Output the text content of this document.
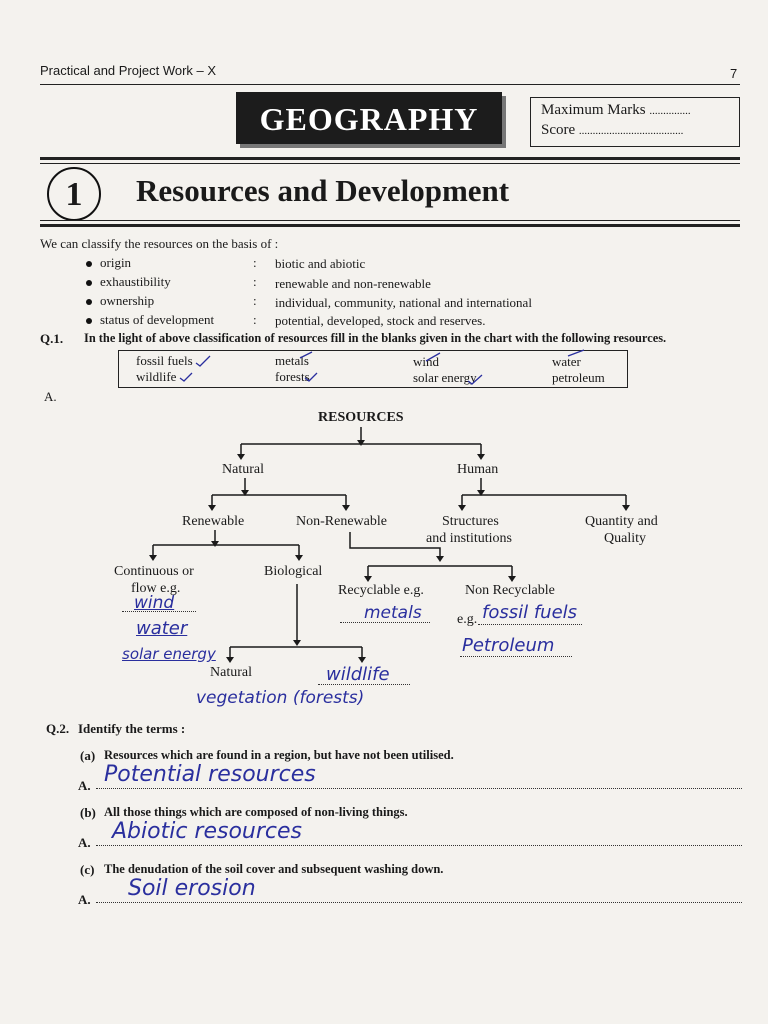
Practical and Project Work – X	7
GEOGRAPHY	Maximum Marks ...............
Score ......................................
1	Resources and Development
We can classify the resources on the basis of :
origin	: biotic and abiotic
exhaustibility	: renewable and non-renewable
ownership	: individual, community, national and international
status of development	: potential, developed, stock and reserves.
Q.1. In the light of above classification of resources fill in the blanks given in the chart with the following resources.
fossil fuels	metals	wind	water
wildlife	forests	solar energy	petroleum
A.
RESOURCES
Natural	Human
Renewable	Non-Renewable	Structures
and institutions
Quantity and
Quality
Continuous or
flow e.g.
Biological
Recyclable e.g.	Non Recyclable
e.g.
Natural
wind
water
solar energy
metals	fossil fuels
Petroleum
wildlife
vegetation (forests)
Q.2. Identify the terms :
(a) Resources which are found in a region, but have not been utilised.
A. Potential resources
(b) All those things which are composed of non-living things.
A. Abiotic resources
(c) The denudation of the soil cover and subsequent washing down.
A. Soil erosion
